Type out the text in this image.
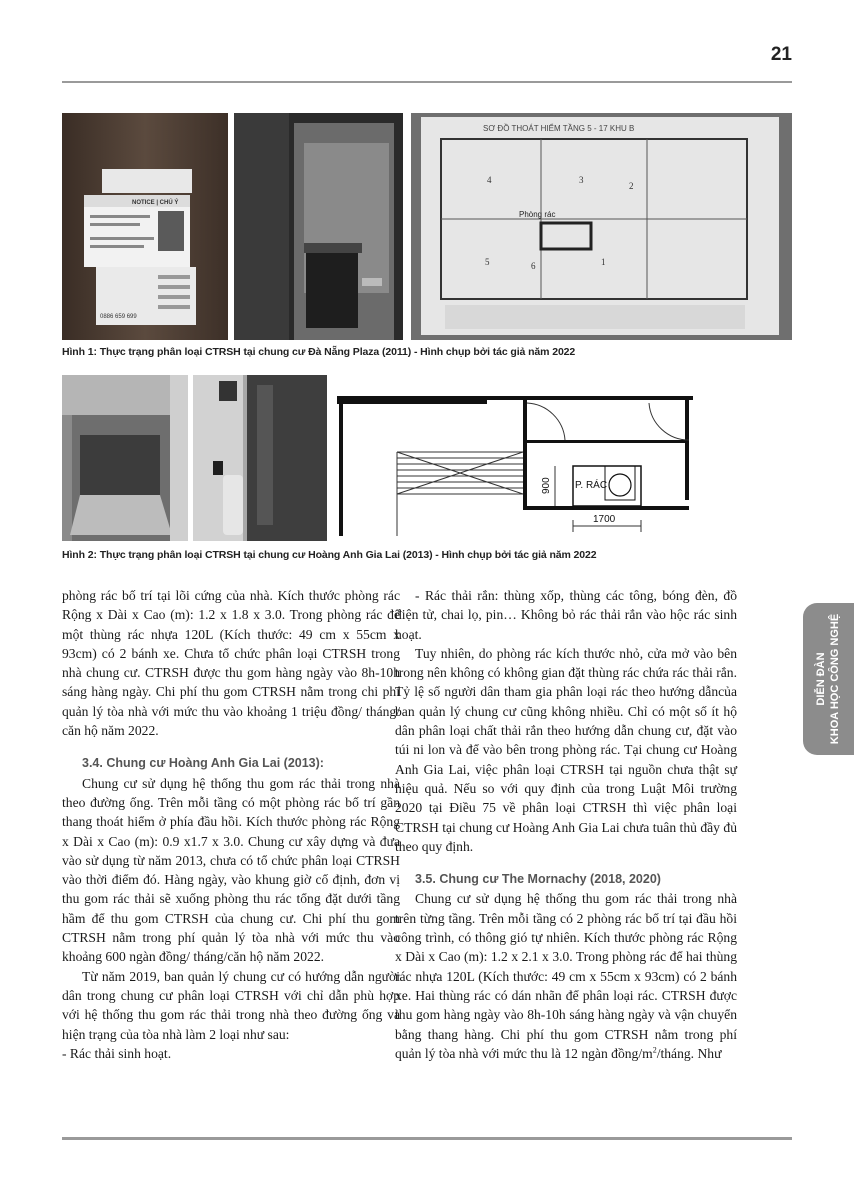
21
NOTICE | CHÚ Ý
0886 659 699
SƠ ĐỒ THOÁT HIỂM TẦNG 5 - 17 KHU B
Phòng rác
4	3
2
5	6	1
Hình 1: Thực trạng phân loại CTRSH tại chung cư Đà Nẵng Plaza (2011) - Hình chụp bởi tác giả năm 2022
P. RÁC
900
1700
Hình 2: Thực trạng phân loại CTRSH tại chung cư Hoàng Anh Gia Lai (2013) - Hình chụp bởi tác giả năm 2022

phòng rác bố trí tại lõi cứng của nhà. Kích thước phòng rác Rộng x Dài x Cao (m): 1.2 x 1.8 x 3.0. Trong phòng rác để một thùng rác nhựa 120L (Kích thước: 49 cm x 55cm x 93cm) có 2 bánh xe. Chưa tổ chức phân loại CTRSH trong nhà chung cư. CTRSH được thu gom hàng ngày vào 8h-10h sáng hàng ngày. Chi phí thu gom CTRSH nằm trong chi phí quản lý tòa nhà với mức thu vào khoảng 1 triệu đồng/ tháng/ căn hộ năm 2022.

3.4. Chung cư Hoàng Anh Gia Lai (2013):

Chung cư sử dụng hệ thống thu gom rác thải trong nhà theo đường ống. Trên mỗi tầng có một phòng rác bố trí gần thang thoát hiểm ở phía đầu hồi. Kích thước phòng rác Rộng x Dài x Cao (m): 0.9 x1.7 x 3.0. Chung cư xây dựng và đưa vào sử dụng từ năm 2013, chưa có tổ chức phân loại CTRSH vào thời điểm đó. Hàng ngày, vào khung giờ cố định, đơn vị thu gom rác thải sẽ xuống phòng thu rác tổng đặt dưới tầng hầm để thu gom CTRSH của chung cư. Chi phí thu gom CTRSH nằm trong phí quản lý tòa nhà với mức thu vào khoảng 600 ngàn đồng/ tháng/căn hộ năm 2022.

Từ năm 2019, ban quản lý chung cư có hướng dẫn người dân trong chung cư phân loại CTRSH với chỉ dẫn phù hợp với hệ thống thu gom rác thải trong nhà theo đường ống và hiện trạng của tòa nhà làm 2 loại như sau:

- Rác thải sinh hoạt.

- Rác thải rắn: thùng xốp, thùng các tông, bóng đèn, đồ điện tử, chai lọ, pin… Không bỏ rác thải rắn vào hộc rác sinh hoạt.

Tuy nhiên, do phòng rác kích thước nhỏ, cửa mở vào bên trong nên không có không gian đặt thùng rác chứa rác thải rắn. Tỷ lệ số người dân tham gia phân loại rác theo hướng dẫncủa ban quản lý chung cư cũng không nhiều. Chỉ có một số ít hộ dân phân loại chất thải rắn theo hướng dẫn chung cư, đặt vào túi ni lon và để vào bên trong phòng rác. Tại chung cư Hoàng Anh Gia Lai, việc phân loại CTRSH tại nguồn chưa thật sự hiệu quả. Nếu so với quy định của trong Luật Môi trường 2020 tại Điều 75 về phân loại CTRSH thì việc phân loại CTRSH tại chung cư Hoàng Anh Gia Lai chưa tuân thủ đầy đủ theo quy định.

3.5. Chung cư The Mornachy (2018, 2020)

Chung cư sử dụng hệ thống thu gom rác thải trong nhà trên từng tầng. Trên mỗi tầng có 2 phòng rác bố trí tại đầu hồi công trình, có thông gió tự nhiên. Kích thước phòng rác Rộng x Dài x Cao (m): 1.2 x 2.1 x 3.0. Trong phòng rác để hai thùng rác nhựa 120L (Kích thước: 49 cm x 55cm x 93cm) có 2 bánh xe. Hai thùng rác có dán nhãn để phân loại rác. CTRSH được thu gom hàng ngày vào 8h-10h sáng hàng ngày và vận chuyển bằng thang hàng. Chi phí thu gom CTRSH nằm trong phí quản lý tòa nhà với mức thu là 12 ngàn đồng/$m^2$/tháng. Như

DIỄN ĐÀN KHOA HỌC CÔNG NGHỆ
